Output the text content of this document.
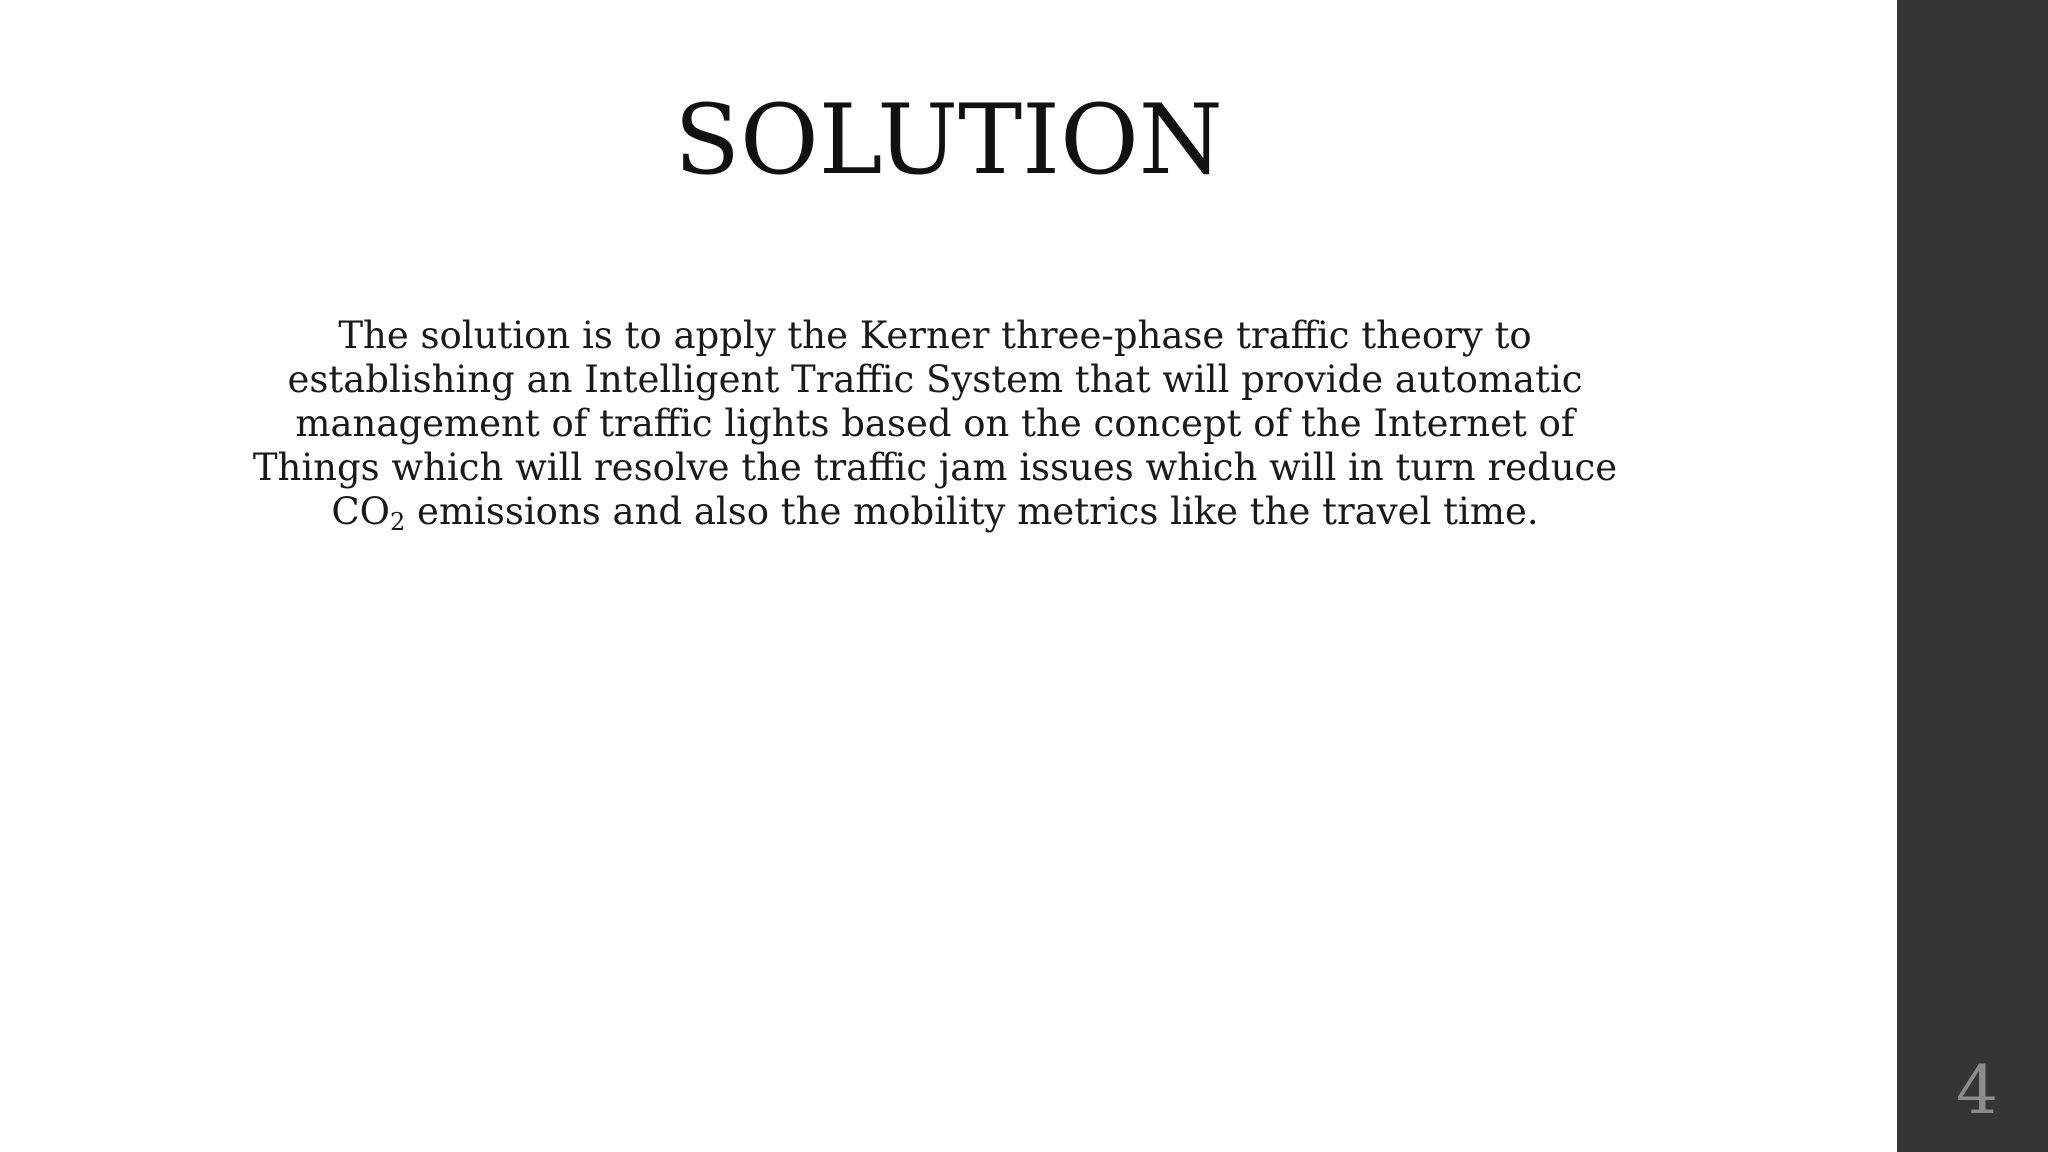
SOLUTION

The solution is to apply the Kerner three-phase traffic theory to establishing an Intelligent Traffic System that will provide automatic management of traffic lights based on the concept of the Internet of Things which will resolve the traffic jam issues which will in turn reduce $CO_2$ emissions and also the mobility metrics like the travel time.

4
